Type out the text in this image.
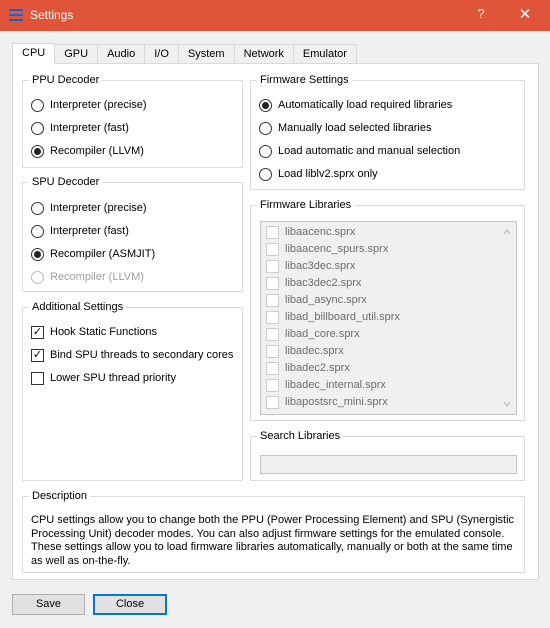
Settings	?	✕
CPU	GPU	Audio	I/O	System	Network	Emulator
PPU Decoder
Interpreter (precise)
Interpreter (fast)
Recompiler (LLVM)
SPU Decoder
Interpreter (precise)
Interpreter (fast)
Recompiler (ASMJIT)
Recompiler (LLVM)
Additional Settings
✓ Hook Static Functions
✓ Bind SPU threads to secondary cores
Lower SPU thread priority
Firmware Settings
Automatically load required libraries
Manually load selected libraries
Load automatic and manual selection
Load liblv2.sprx only
Firmware Libraries
libaacenc.sprx
libaacenc_spurs.sprx
libac3dec.sprx
libac3dec2.sprx
libad_async.sprx
libad_billboard_util.sprx
libad_core.sprx
libadec.sprx
libadec2.sprx
libadec_internal.sprx
libapostsrc_mini.sprx
Search Libraries
Description
CPU settings allow you to change both the PPU (Power Processing Element) and SPU (Synergistic
Processing Unit) decoder modes. You can also adjust firmware settings for the emulated console.
These settings allow you to load firmware libraries automatically, manually or both at the same time
as well as on-the-fly.
Save	Close
